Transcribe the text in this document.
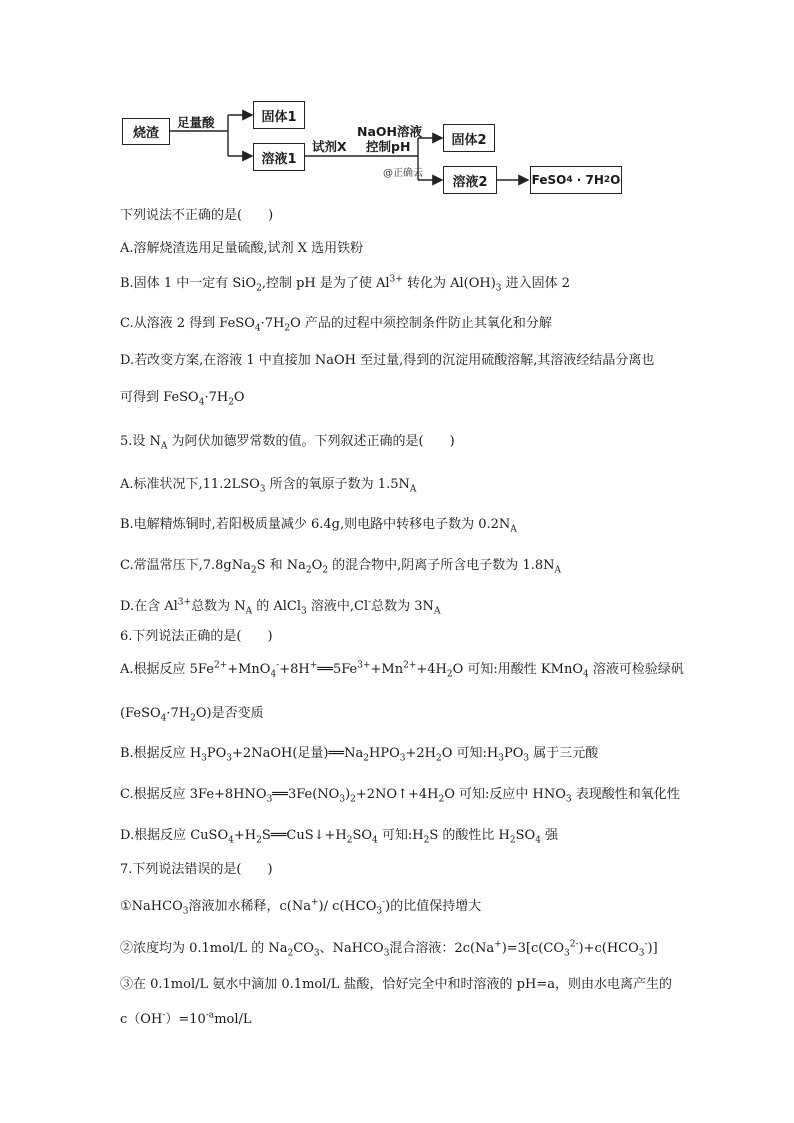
烧渣
固体1
溶液1
固体2
溶液2	FeSO 4 · 7H 2 O
足量酸
试剂X
NaOH溶液
控制pH
@正确云
下列说法不正确的是(　　)
A.溶解烧渣选用足量硫酸,试剂 X 选用铁粉
B.固体 1 中一定有 SiO$_2$,控制 pH 是为了使 $Al^{3+}$ 转化为 $Al(OH)_3$ 进入固体 2
C.从溶液 2 得到 $FeSO_4\cdot 7H_2O$ 产品的过程中须控制条件防止其氧化和分解
D.若改变方案,在溶液 1 中直接加 NaOH 至过量,得到的沉淀用硫酸溶解,其溶液经结晶分离也
可得到 $FeSO_4\cdot 7H_2O$
5.设 $N_A$ 为阿伏加德罗常数的值。下列叙述正确的是(　　)
A.标准状况下$,11.2LSO_3$ 所含的氧原子数为 $1.5N_A$
B.电解精炼铜时,若阳极质量减少 6.4g,则电路中转移电子数为 $0.2N_A$
C.常温常压下,7.8gNa$_2$S 和 $Na_2O_2$ 的混合物中,阴离子所含电子数为 $1.8N_A$
D.在含 $Al^{3+}$总数为 $N_A$ 的 AlCl$_3$ 溶液中,Cl-总数为 $3N_A$
6.下列说法正确的是(　　)
A.根据反应 $5Fe^{2+}+MnO_4^-+8H^+══5Fe^{3+}+Mn^{2+}+4H_2O$ 可知:用酸性 KMnO$_4$ 溶液可检验绿矾
$(FeSO_4\cdot 7H_2O)$是否变质
B.根据反应 $H_3PO_3+2NaOH$(足量)$══Na_2HPO_3+2H_2O$ 可知$:H_3PO_3$ 属于三元酸
C.根据反应 $3Fe+8HNO_3══3Fe(NO_3)_2+2NO↑+4H_2O$ 可知:反应中 $HNO_3$ 表现酸性和氧化性
D.根据反应 $CuSO_4+H_2S══CuS↓+H_2SO_4$ 可知$:H_2S$ 的酸性比 $H_2SO_4$ 强
7.下列说法错误的是(　　)
①NaHCO$_3$溶液加水稀释，c(Na+)/ $c(HCO_3^-)$的比值保持增大
②浓度均为 0.1mol/L 的 $Na_2CO_3$、NaHCO$_3$混合溶液：$2c(Na^+)=3[c(CO_3^{2-})+c(HCO_3^-)]$
③在 0.1mol/L 氨水中滴加 0.1mol/L 盐酸，恰好完全中和时溶液的 pH=a，则由水电离产生的
$c(OH^-)=10^{-a}mol/L$
